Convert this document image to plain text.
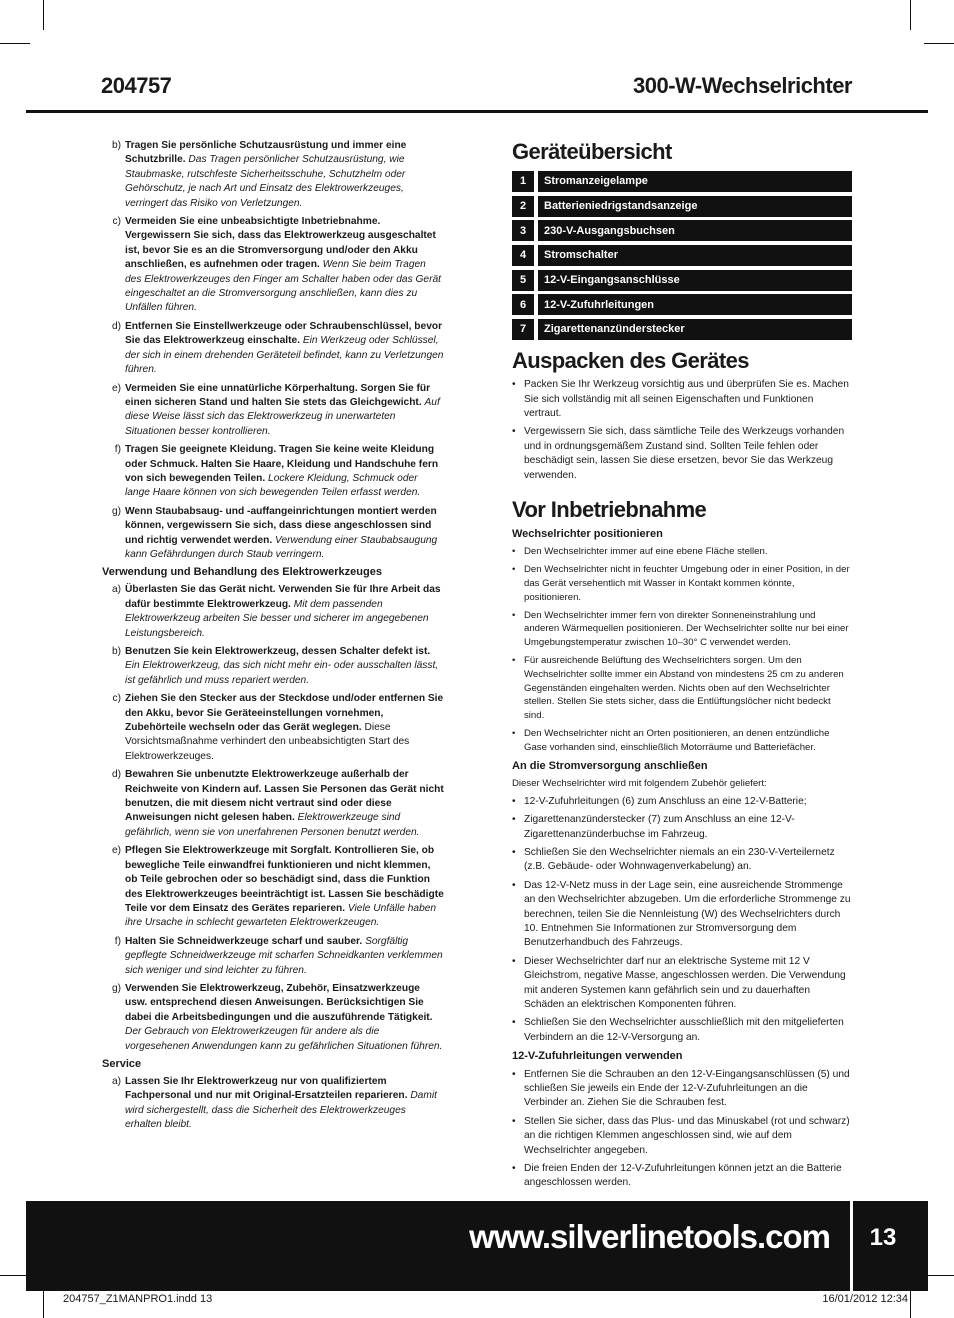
204757	300-W-Wechselrichter
b) Tragen Sie persönliche Schutzausrüstung und immer eine Schutzbrille. Das Tragen persönlicher Schutzausrüstung, wie Staubmaske, rutschfeste Sicherheitsschuhe, Schutzhelm oder Gehörschutz, je nach Art und Einsatz des Elektrowerkzeuges, verringert das Risiko von Verletzungen.
c) Vermeiden Sie eine unbeabsichtigte Inbetriebnahme. Vergewissern Sie sich, dass das Elektrowerkzeug ausgeschaltet ist, bevor Sie es an die Stromversorgung und/oder den Akku anschließen, es aufnehmen oder tragen. Wenn Sie beim Tragen des Elektrowerkzeuges den Finger am Schalter haben oder das Gerät eingeschaltet an die Stromversorgung anschließen, kann dies zu Unfällen führen.
d) Entfernen Sie Einstellwerkzeuge oder Schraubenschlüssel, bevor Sie das Elektrowerkzeug einschalte. Ein Werkzeug oder Schlüssel, der sich in einem drehenden Geräteteil befindet, kann zu Verletzungen führen.
e) Vermeiden Sie eine unnatürliche Körperhaltung. Sorgen Sie für einen sicheren Stand und halten Sie stets das Gleichgewicht. Auf diese Weise lässt sich das Elektrowerkzeug in unerwarteten Situationen besser kontrollieren.
f) Tragen Sie geeignete Kleidung. Tragen Sie keine weite Kleidung oder Schmuck. Halten Sie Haare, Kleidung und Handschuhe fern von sich bewegenden Teilen. Lockere Kleidung, Schmuck oder lange Haare können von sich bewegenden Teilen erfasst werden.
g) Wenn Staubabsaug- und -auffangeinrichtungen montiert werden können, vergewissern Sie sich, dass diese angeschlossen sind und richtig verwendet werden. Verwendung einer Staubabsaugung kann Gefährdungen durch Staub verringern.
Verwendung und Behandlung des Elektrowerkzeuges
a) Überlasten Sie das Gerät nicht. Verwenden Sie für Ihre Arbeit das dafür bestimmte Elektrowerkzeug. Mit dem passenden Elektrowerkzeug arbeiten Sie besser und sicherer im angegebenen Leistungsbereich.
b) Benutzen Sie kein Elektrowerkzeug, dessen Schalter defekt ist. Ein Elektrowerkzeug, das sich nicht mehr ein- oder ausschalten lässt, ist gefährlich und muss repariert werden.
c) Ziehen Sie den Stecker aus der Steckdose und/oder entfernen Sie den Akku, bevor Sie Geräteeinstellungen vornehmen, Zubehörteile wechseln oder das Gerät weglegen. Diese Vorsichtsmaßnahme verhindert den unbeabsichtigten Start des Elektrowerkzeuges.
d) Bewahren Sie unbenutzte Elektrowerkzeuge außerhalb der Reichweite von Kindern auf. Lassen Sie Personen das Gerät nicht benutzen, die mit diesem nicht vertraut sind oder diese Anweisungen nicht gelesen haben. Elektrowerkzeuge sind gefährlich, wenn sie von unerfahrenen Personen benutzt werden.
e) Pflegen Sie Elektrowerkzeuge mit Sorgfalt. Kontrollieren Sie, ob bewegliche Teile einwandfrei funktionieren und nicht klemmen, ob Teile gebrochen oder so beschädigt sind, dass die Funktion des Elektrowerkzeuges beeinträchtigt ist. Lassen Sie beschädigte Teile vor dem Einsatz des Gerätes reparieren. Viele Unfälle haben ihre Ursache in schlecht gewarteten Elektrowerkzeugen.
f) Halten Sie Schneidwerkzeuge scharf und sauber. Sorgfältig gepflegte Schneidwerkzeuge mit scharfen Schneidkanten verklemmen sich weniger und sind leichter zu führen.
g) Verwenden Sie Elektrowerkzeug, Zubehör, Einsatzwerkzeuge usw. entsprechend diesen Anweisungen. Berücksichtigen Sie dabei die Arbeitsbedingungen und die auszuführende Tätigkeit. Der Gebrauch von Elektrowerkzeugen für andere als die vorgesehenen Anwendungen kann zu gefährlichen Situationen führen.
Service
a) Lassen Sie Ihr Elektrowerkzeug nur von qualifiziertem Fachpersonal und nur mit Original-Ersatzteilen reparieren. Damit wird sichergestellt, dass die Sicherheit des Elektrowerkzeuges erhalten bleibt.
Geräteübersicht
1	Stromanzeigelampe
2	Batterieniedrigstandsanzeige
3	230-V-Ausgangsbuchsen
4	Stromschalter
5	12-V-Eingangsanschlüsse
6	12-V-Zufuhrleitungen
7	Zigarettenanzünderstecker
Auspacken des Gerätes
• Packen Sie Ihr Werkzeug vorsichtig aus und überprüfen Sie es. Machen Sie sich vollständig mit all seinen Eigenschaften und Funktionen vertraut.
• Vergewissern Sie sich, dass sämtliche Teile des Werkzeugs vorhanden und in ordnungsgemäßem Zustand sind. Sollten Teile fehlen oder beschädigt sein, lassen Sie diese ersetzen, bevor Sie das Werkzeug verwenden.
Vor Inbetriebnahme
Wechselrichter positionieren
• Den Wechselrichter immer auf eine ebene Fläche stellen.
• Den Wechselrichter nicht in feuchter Umgebung oder in einer Position, in der das Gerät versehentlich mit Wasser in Kontakt kommen könnte, positionieren.
• Den Wechselrichter immer fern von direkter Sonneneinstrahlung und anderen Wärmequellen positionieren. Der Wechselrichter sollte nur bei einer Umgebungstemperatur zwischen 10–30° C verwendet werden.
• Für ausreichende Belüftung des Wechselrichters sorgen. Um den Wechselrichter sollte immer ein Abstand von mindestens 25 cm zu anderen Gegenständen eingehalten werden. Nichts oben auf den Wechselrichter stellen. Stellen Sie stets sicher, dass die Entlüftungslöcher nicht bedeckt sind.
• Den Wechselrichter nicht an Orten positionieren, an denen entzündliche Gase vorhanden sind, einschließlich Motorräume und Batteriefächer.
An die Stromversorgung anschließen
Dieser Wechselrichter wird mit folgendem Zubehör geliefert:
• 12-V-Zufuhrleitungen (6) zum Anschluss an eine 12-V-Batterie;
• Zigarettenanzünderstecker (7) zum Anschluss an eine 12-V-Zigarettenanzünderbuchse im Fahrzeug.
• Schließen Sie den Wechselrichter niemals an ein 230-V-Verteilernetz (z.B. Gebäude- oder Wohnwagenverkabelung) an.
• Das 12-V-Netz muss in der Lage sein, eine ausreichende Strommenge an den Wechselrichter abzugeben. Um die erforderliche Strommenge zu berechnen, teilen Sie die Nennleistung (W) des Wechselrichters durch 10. Entnehmen Sie Informationen zur Stromversorgung dem Benutzerhandbuch des Fahrzeugs.
• Dieser Wechselrichter darf nur an elektrische Systeme mit 12 V Gleichstrom, negative Masse, angeschlossen werden. Die Verwendung mit anderen Systemen kann gefährlich sein und zu dauerhaften Schäden an elektrischen Komponenten führen.
• Schließen Sie den Wechselrichter ausschließlich mit den mitgelieferten Verbindern an die 12-V-Versorgung an.
12-V-Zufuhrleitungen verwenden
• Entfernen Sie die Schrauben an den 12-V-Eingangsanschlüssen (5) und schließen Sie jeweils ein Ende der 12-V-Zufuhrleitungen an die Verbinder an. Ziehen Sie die Schrauben fest.
• Stellen Sie sicher, dass das Plus- und das Minuskabel (rot und schwarz) an die richtigen Klemmen angeschlossen sind, wie auf dem Wechselrichter angegeben.
• Die freien Enden der 12-V-Zufuhrleitungen können jetzt an die Batterie angeschlossen werden.
www.silverlinetools.com	13
204757_Z1MANPRO1.indd 13	16/01/2012 12:34
